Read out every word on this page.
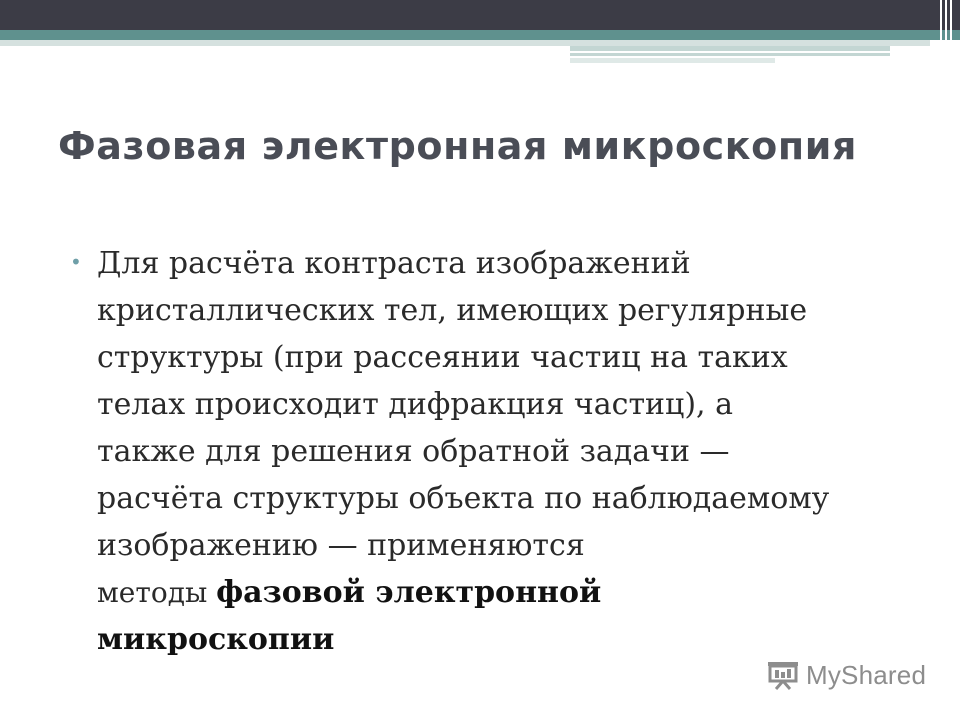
Фазовая электронная микроскопия
• Для расчёта контраста изображений
кристаллических тел, имеющих регулярные
структуры (при рассеянии частиц на таких
телах происходит дифракция частиц), а
также для решения обратной задачи —
расчёта структуры объекта по наблюдаемому
изображению — применяются
методы фазовой электронной
микроскопии
MyShared
